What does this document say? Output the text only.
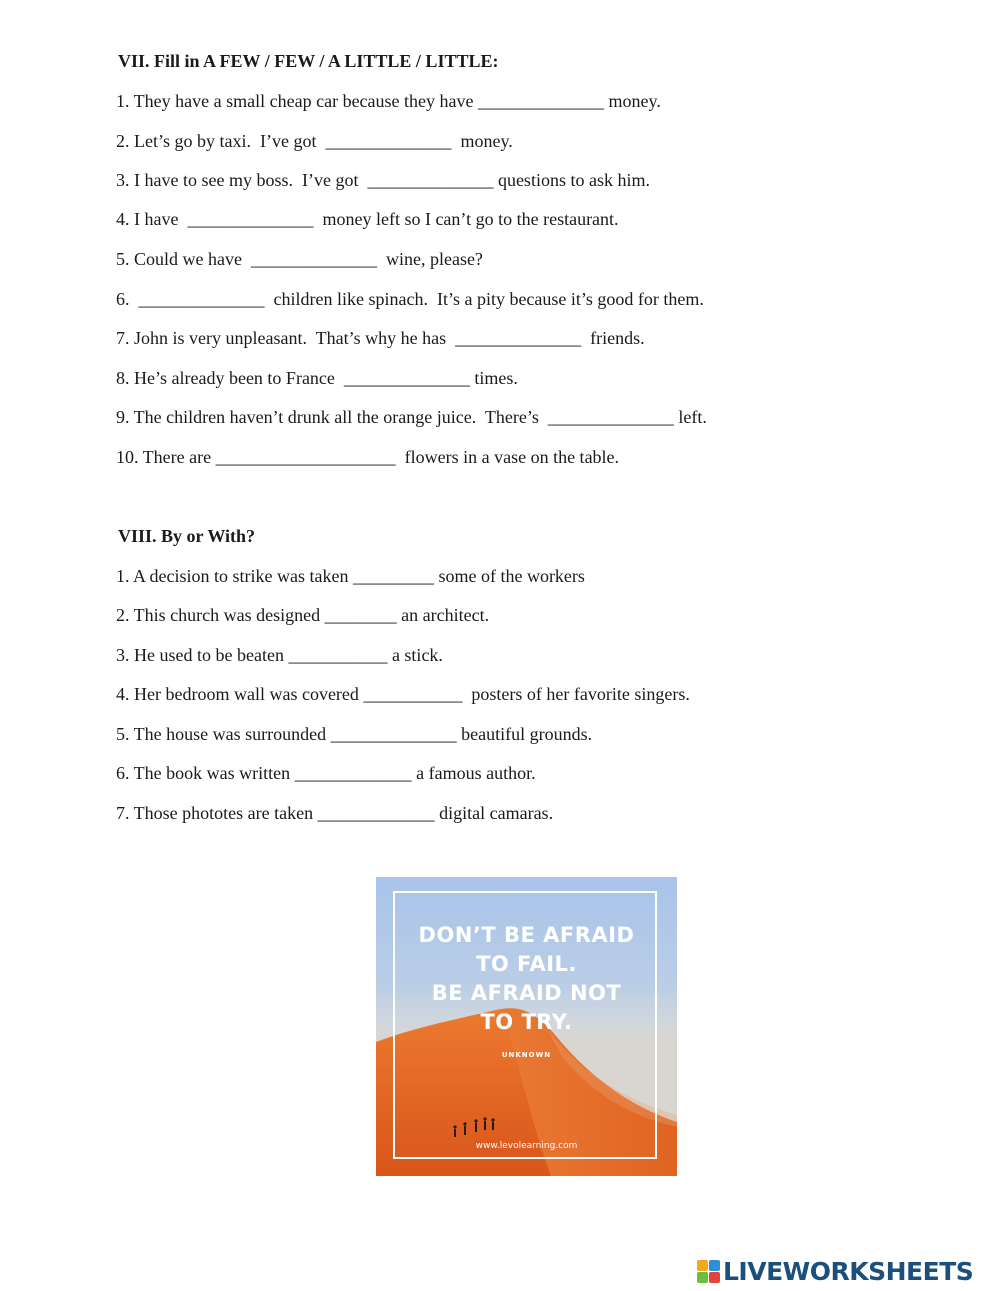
VII. Fill in A FEW / FEW / A LITTLE / LITTLE:
1. They have a small cheap car because they have ______________ money.
2. Let’s go by taxi.  I’ve got  ______________  money.
3. I have to see my boss.  I’ve got  ______________ questions to ask him.
4. I have  ______________  money left so I can’t go to the restaurant.
5. Could we have  ______________  wine, please?
6.  ______________  children like spinach.  It’s a pity because it’s good for them.
7. John is very unpleasant.  That’s why he has  ______________  friends.
8. He’s already been to France  ______________ times.
9. The children haven’t drunk all the orange juice.  There’s  ______________ left.
10. There are ____________________  flowers in a vase on the table.
VIII. By or With?
1. A decision to strike was taken _________ some of the workers
2. This church was designed ________ an architect.
3. He used to be beaten ___________ a stick.
4. Her bedroom wall was covered ___________  posters of her favorite singers.
5. The house was surrounded ______________ beautiful grounds.
6. The book was written _____________ a famous author.
7. Those phototes are taken _____________ digital camaras.
DON’T BE AFRAID
TO FAIL.
BE AFRAID NOT
TO TRY.
UNKNOWN
www.levolearning.com
LIVEWORKSHEETS
